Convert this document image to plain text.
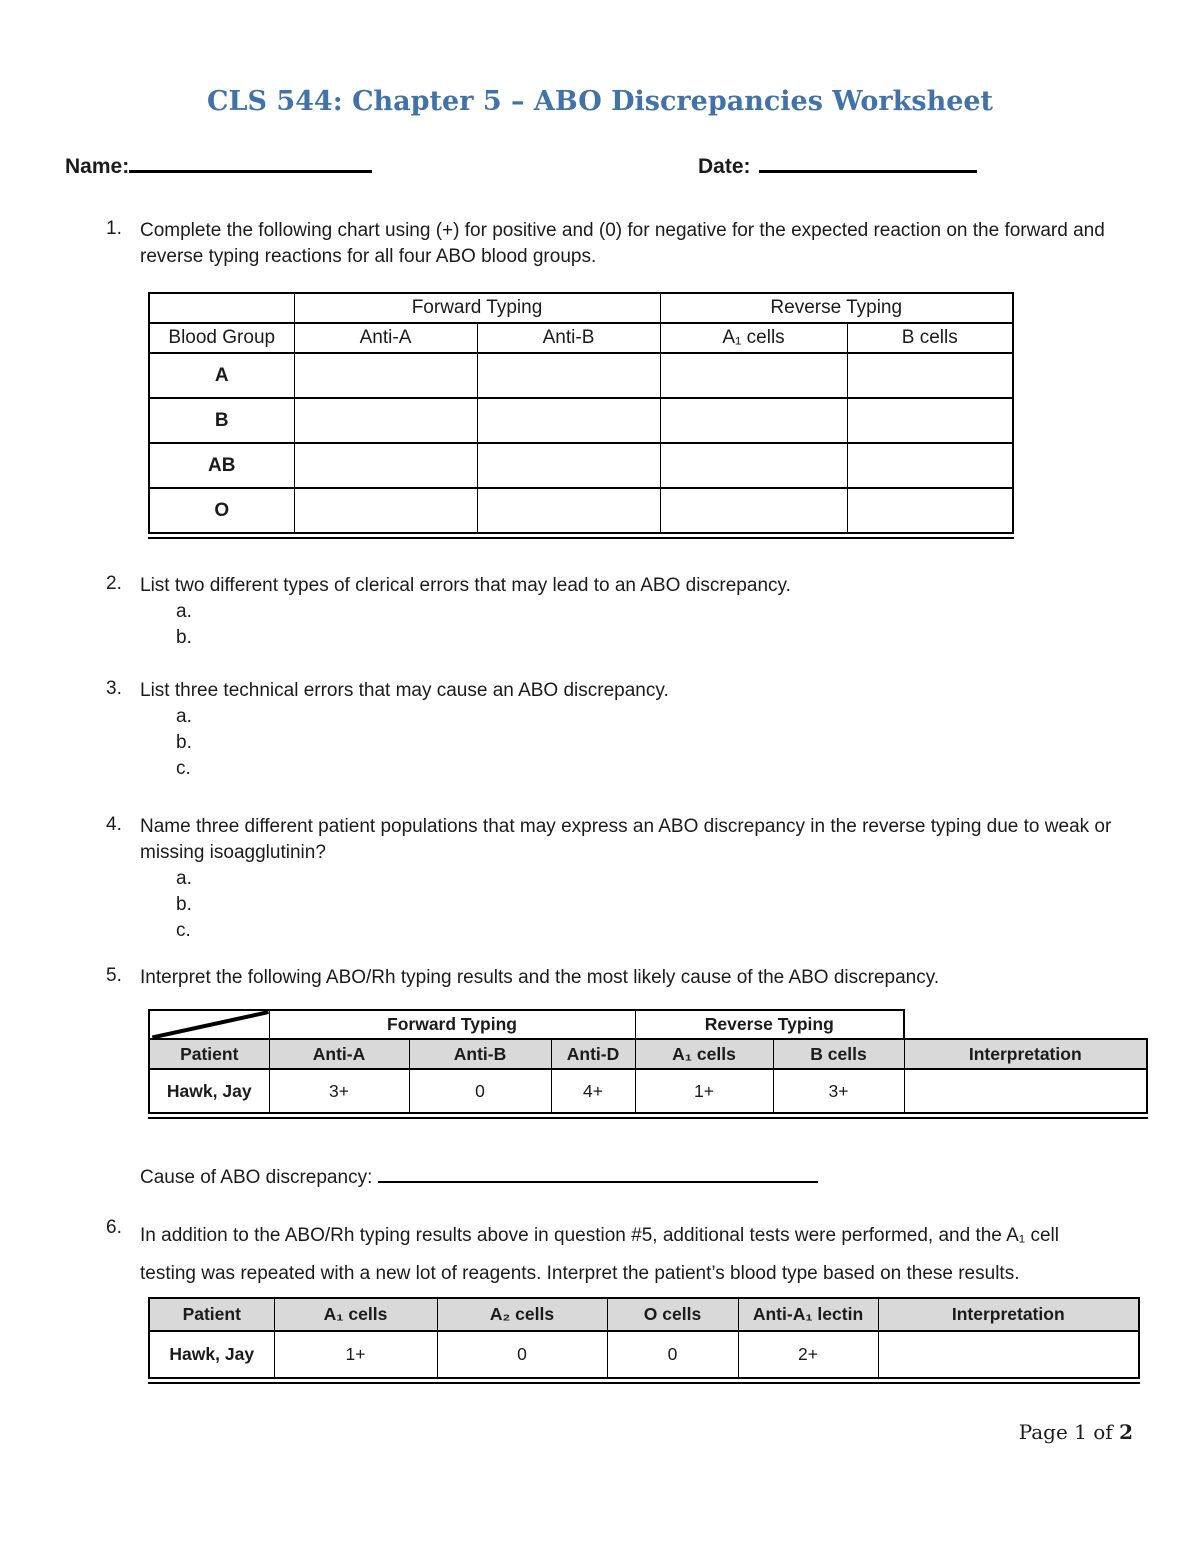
CLS 544: Chapter 5 – ABO Discrepancies Worksheet
Name:	Date:
1. Complete the following chart using (+) for positive and (0) for negative for the expected reaction on the forward and reverse typing reactions for all four ABO blood groups.
	Forward Typing		Reverse Typing	
Blood Group	Anti-A	Anti-B	A₁ cells	B cells
A				
B				
AB				
O				
2. List two different types of clerical errors that may lead to an ABO discrepancy.
a.
b.
3. List three technical errors that may cause an ABO discrepancy.
a.
b.
c.
4. Name three different patient populations that may express an ABO discrepancy in the reverse typing due to weak or missing isoagglutinin?
a.
b.
c.
5. Interpret the following ABO/Rh typing results and the most likely cause of the ABO discrepancy.
	Forward Typing			Reverse Typing		
Patient	Anti-A	Anti-B	Anti-D	A₁ cells	B cells	Interpretation
Hawk, Jay	3+	0	4+	1+	3+	
Cause of ABO discrepancy:
6. In addition to the ABO/Rh typing results above in question #5, additional tests were performed, and the A₁ cell testing was repeated with a new lot of reagents. Interpret the patient’s blood type based on these results.
Patient	A₁ cells	A₂ cells	O cells	Anti-A₁ lectin	Interpretation
Hawk, Jay	1+	0	0	2+	
Page 1 of 2
